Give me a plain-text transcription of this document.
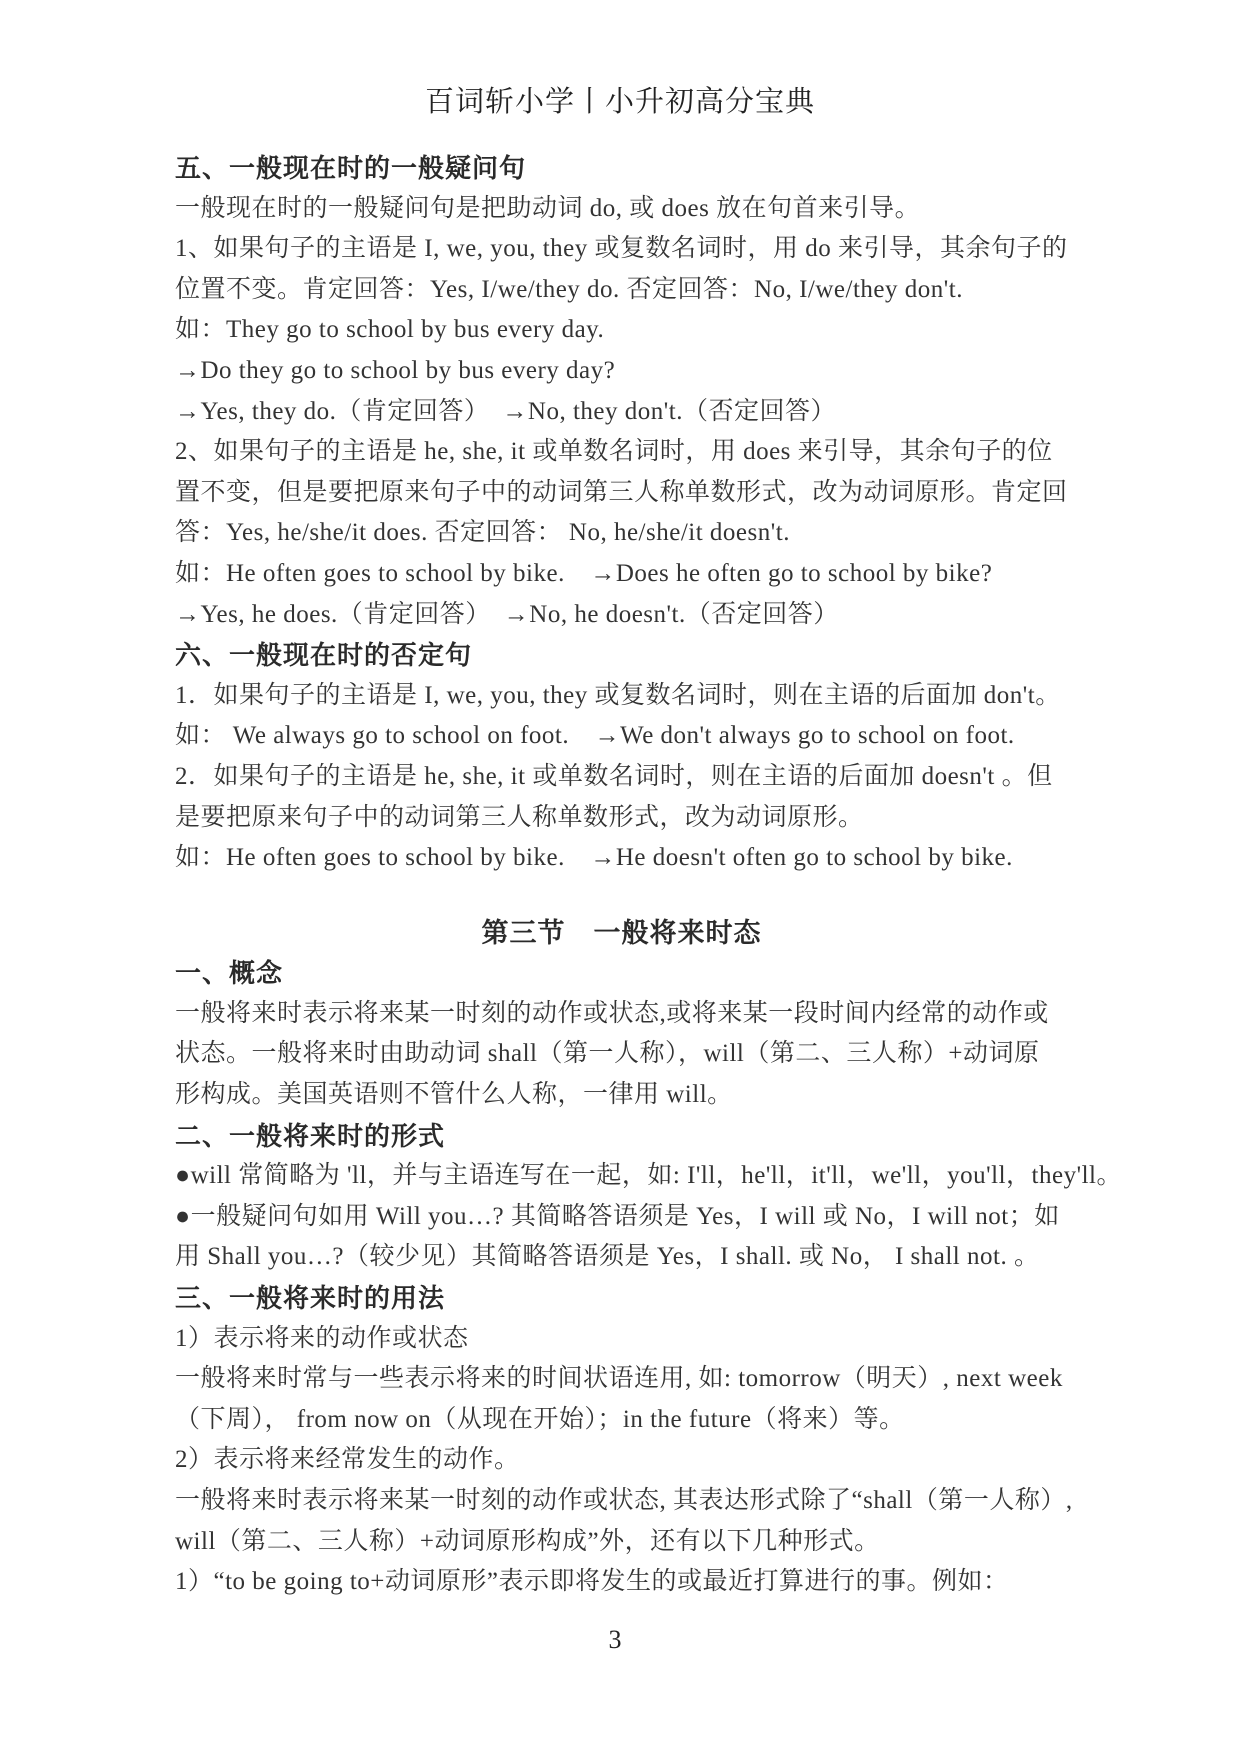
百词斩小学丨小升初高分宝典
五、一般现在时的一般疑问句
一般现在时的一般疑问句是把助动词 do, 或 does 放在句首来引导。
1、如果句子的主语是 I, we, you, they 或复数名词时，用 do 来引导，其余句子的
位置不变。肯定回答：Yes, I/we/they do. 否定回答：No, I/we/they don't.
如：They go to school by bus every day.
→Do they go to school by bus every day?
→Yes, they do.（肯定回答）　→No, they don't.（否定回答）
2、如果句子的主语是 he, she, it 或单数名词时，用 does 来引导，其余句子的位
置不变，但是要把原来句子中的动词第三人称单数形式，改为动词原形。肯定回
答：Yes, he/she/it does. 否定回答： No, he/she/it doesn't.
如：He often goes to school by bike.　→Does he often go to school by bike?
→Yes, he does.（肯定回答）　→No, he doesn't.（否定回答）
六、一般现在时的否定句
1．如果句子的主语是 I, we, you, they 或复数名词时，则在主语的后面加 don't。
如： We always go to school on foot.　→We don't always go to school on foot.
2．如果句子的主语是 he, she, it 或单数名词时，则在主语的后面加 doesn't 。但
是要把原来句子中的动词第三人称单数形式，改为动词原形。
如：He often goes to school by bike.　→He doesn't often go to school by bike.
第三节　一般将来时态
一、概念
一般将来时表示将来某一时刻的动作或状态,或将来某一段时间内经常的动作或
状态。一般将来时由助动词 shall（第一人称），will（第二、三人称）+动词原
形构成。美国英语则不管什么人称，一律用 will。
二、一般将来时的形式
●will 常简略为 'll，并与主语连写在一起，如: I'll，he'll，it'll，we'll，you'll，they'll。
●一般疑问句如用 Will you…? 其简略答语须是 Yes，I will 或 No，I will not；如
用 Shall you…?（较少见）其简略答语须是 Yes，I shall. 或 No， I shall not. 。
三、一般将来时的用法
1）表示将来的动作或状态
一般将来时常与一些表示将来的时间状语连用, 如: tomorrow（明天）, next week
（下周）， from now on（从现在开始）；in the future（将来）等。
2）表示将来经常发生的动作。
一般将来时表示将来某一时刻的动作或状态, 其表达形式除了“shall（第一人称）,
will（第二、三人称）+动词原形构成”外，还有以下几种形式。
1）“to be going to+动词原形”表示即将发生的或最近打算进行的事。例如：
3
